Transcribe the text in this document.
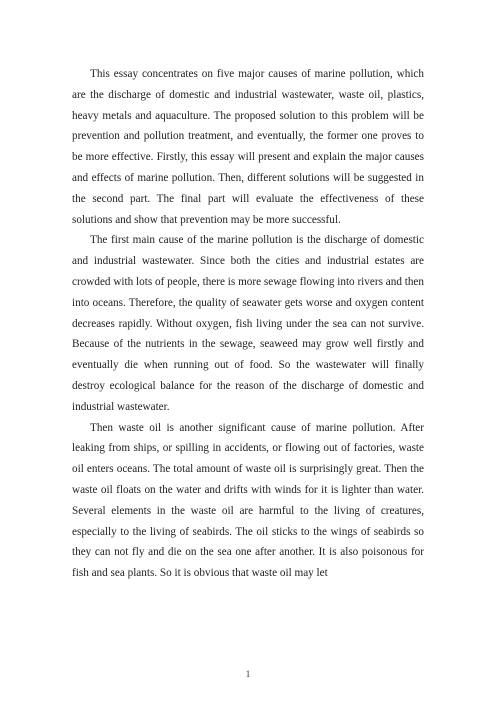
This essay concentrates on five major causes of marine pollution, which are the discharge of domestic and industrial wastewater, waste oil, plastics, heavy metals and aquaculture. The proposed solution to this problem will be prevention and pollution treatment, and eventually, the former one proves to be more effective. Firstly, this essay will present and explain the major causes and effects of marine pollution. Then, different solutions will be suggested in the second part. The final part will evaluate the effectiveness of these solutions and show that prevention may be more successful.

The first main cause of the marine pollution is the discharge of domestic and industrial wastewater. Since both the cities and industrial estates are crowded with lots of people, there is more sewage flowing into rivers and then into oceans. Therefore, the quality of seawater gets worse and oxygen content decreases rapidly. Without oxygen, fish living under the sea can not survive. Because of the nutrients in the sewage, seaweed may grow well firstly and eventually die when running out of food. So the wastewater will finally destroy ecological balance for the reason of the discharge of domestic and industrial wastewater.

Then waste oil is another significant cause of marine pollution. After leaking from ships, or spilling in accidents, or flowing out of factories, waste oil enters oceans. The total amount of waste oil is surprisingly great. Then the waste oil floats on the water and drifts with winds for it is lighter than water. Several elements in the waste oil are harmful to the living of creatures, especially to the living of seabirds. The oil sticks to the wings of seabirds so they can not fly and die on the sea one after another. It is also poisonous for fish and sea plants. So it is obvious that waste oil may let

1
